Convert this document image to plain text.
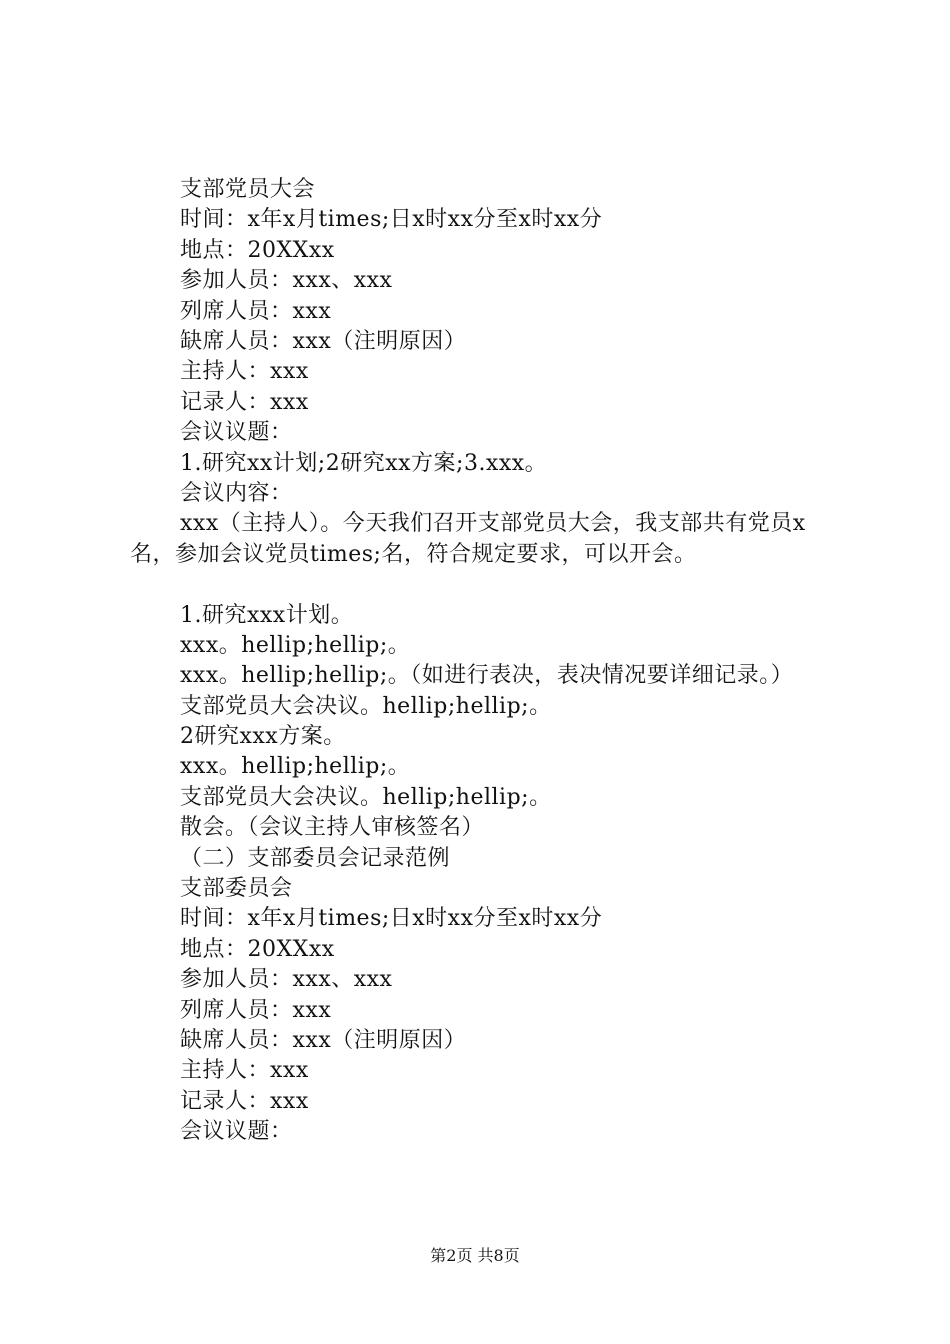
支部党员大会
时间：x年x月times;日x时xx分至x时xx分
地点：20XXxx
参加人员：xxx、xxx
列席人员：xxx
缺席人员：xxx（注明原因）
主持人：xxx
记录人：xxx
会议议题：
1.研究xx计划;2研究xx方案;3.xxx。
会议内容：
xxx（主持人）。今天我们召开支部党员大会，我支部共有党员x名，参加会议党员times;名，符合规定要求，可以开会。
1.研究xxx计划。
xxx。hellip;hellip;。
xxx。hellip;hellip;。（如进行表决，表决情况要详细记录。）
支部党员大会决议。hellip;hellip;。
2研究xxx方案。
xxx。hellip;hellip;。
支部党员大会决议。hellip;hellip;。
散会。（会议主持人审核签名）
（二）支部委员会记录范例
支部委员会
时间：x年x月times;日x时xx分至x时xx分
地点：20XXxx
参加人员：xxx、xxx
列席人员：xxx
缺席人员：xxx（注明原因）
主持人：xxx
记录人：xxx
会议议题：
第2页 共8页
